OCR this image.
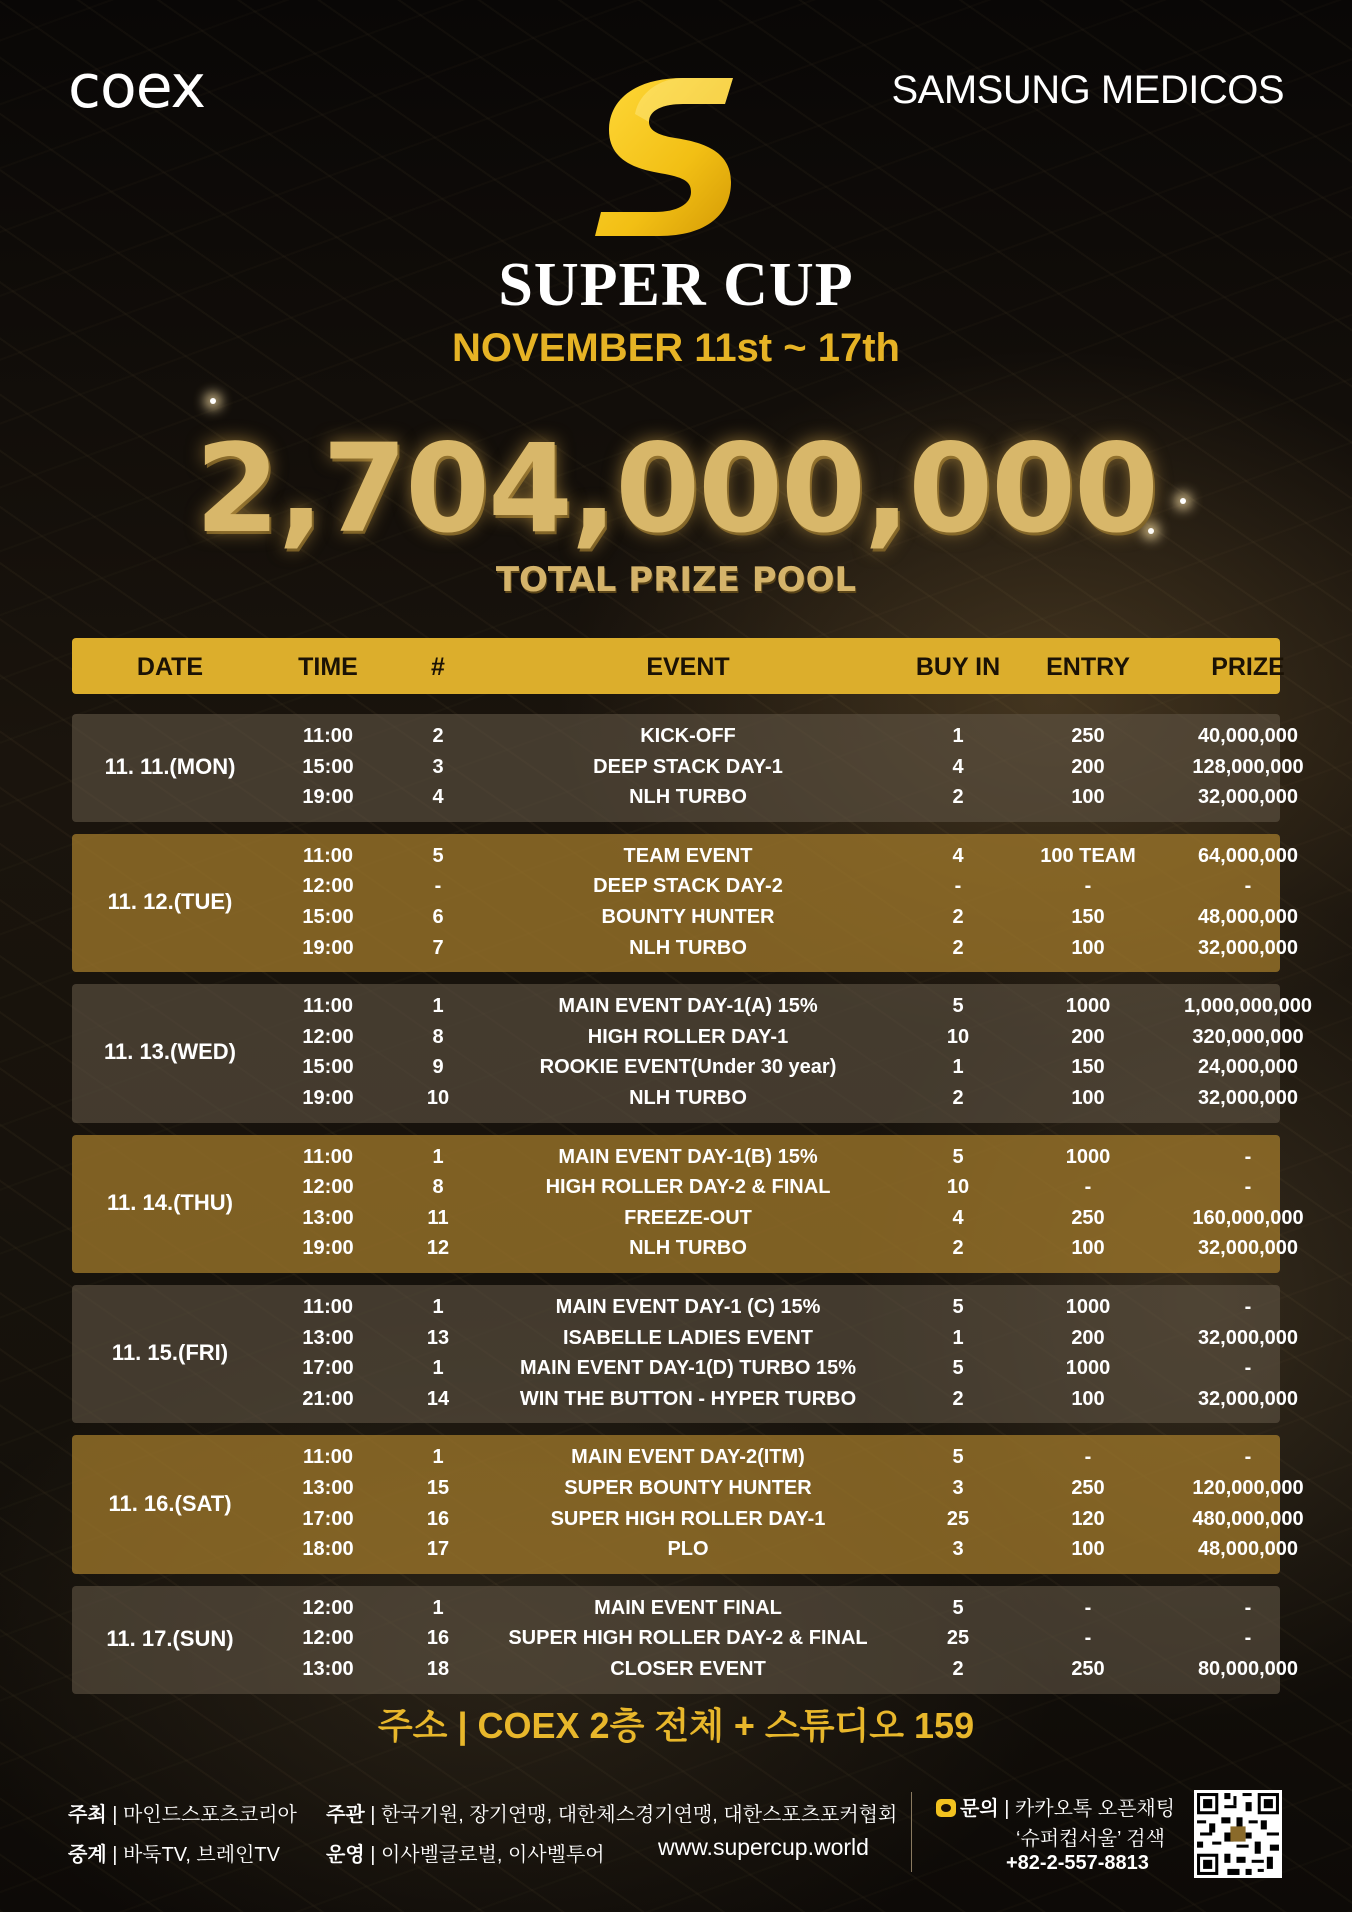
coex	SAMSUNG MEDICOS
SUPER CUP
NOVEMBER 11st ~ 17th
2,704,000,000
TOTAL PRIZE POOL
DATE	TIME	#	EVENT	BUY IN	ENTRY	PRIZE
11. 11.(MON)
11:00	2	KICK-OFF	1	250	40,000,000
15:00	3	DEEP STACK DAY-1	4	200	128,000,000
19:00	4	NLH TURBO	2	100	32,000,000
11. 12.(TUE)
11:00	5	TEAM EVENT	4	100 TEAM	64,000,000
12:00	-	DEEP STACK DAY-2	-	-	-
15:00	6	BOUNTY HUNTER	2	150	48,000,000
19:00	7	NLH TURBO	2	100	32,000,000
11. 13.(WED)
11:00	1	MAIN EVENT DAY-1(A) 15%	5	1000	1,000,000,000
12:00	8	HIGH ROLLER DAY-1	10	200	320,000,000
15:00	9	ROOKIE EVENT(Under 30 year)	1	150	24,000,000
19:00	10	NLH TURBO	2	100	32,000,000
11. 14.(THU)
11:00	1	MAIN EVENT DAY-1(B) 15%	5	1000	-
12:00	8	HIGH ROLLER DAY-2 & FINAL	10	-	-
13:00	11	FREEZE-OUT	4	250	160,000,000
19:00	12	NLH TURBO	2	100	32,000,000
11. 15.(FRI)
11:00	1	MAIN EVENT DAY-1 (C) 15%	5	1000	-
13:00	13	ISABELLE LADIES EVENT	1	200	32,000,000
17:00	1	MAIN EVENT DAY-1(D) TURBO 15%	5	1000	-
21:00	14	WIN THE BUTTON - HYPER TURBO	2	100	32,000,000
11. 16.(SAT)
11:00	1	MAIN EVENT DAY-2(ITM)	5	-	-
13:00	15	SUPER BOUNTY HUNTER	3	250	120,000,000
17:00	16	SUPER HIGH ROLLER DAY-1	25	120	480,000,000
18:00	17	PLO	3	100	48,000,000
11. 17.(SUN)
12:00	1	MAIN EVENT FINAL	5	-	-
12:00	16	SUPER HIGH ROLLER DAY-2 & FINAL	25	-	-
13:00	18	CLOSER EVENT	2	250	80,000,000
주소 | COEX 2층 전체 + 스튜디오 159
주최 | 마인드스포츠코리아
중계 | 바둑TV, 브레인TV
주관 | 한국기원, 장기연맹, 대한체스경기연맹, 대한스포츠포커협회
운영 | 이사벨글로벌, 이사벨투어 www.supercup.world
문의 | 카카오톡 오픈채팅
‘슈퍼컵서울’ 검색
+82-2-557-8813
